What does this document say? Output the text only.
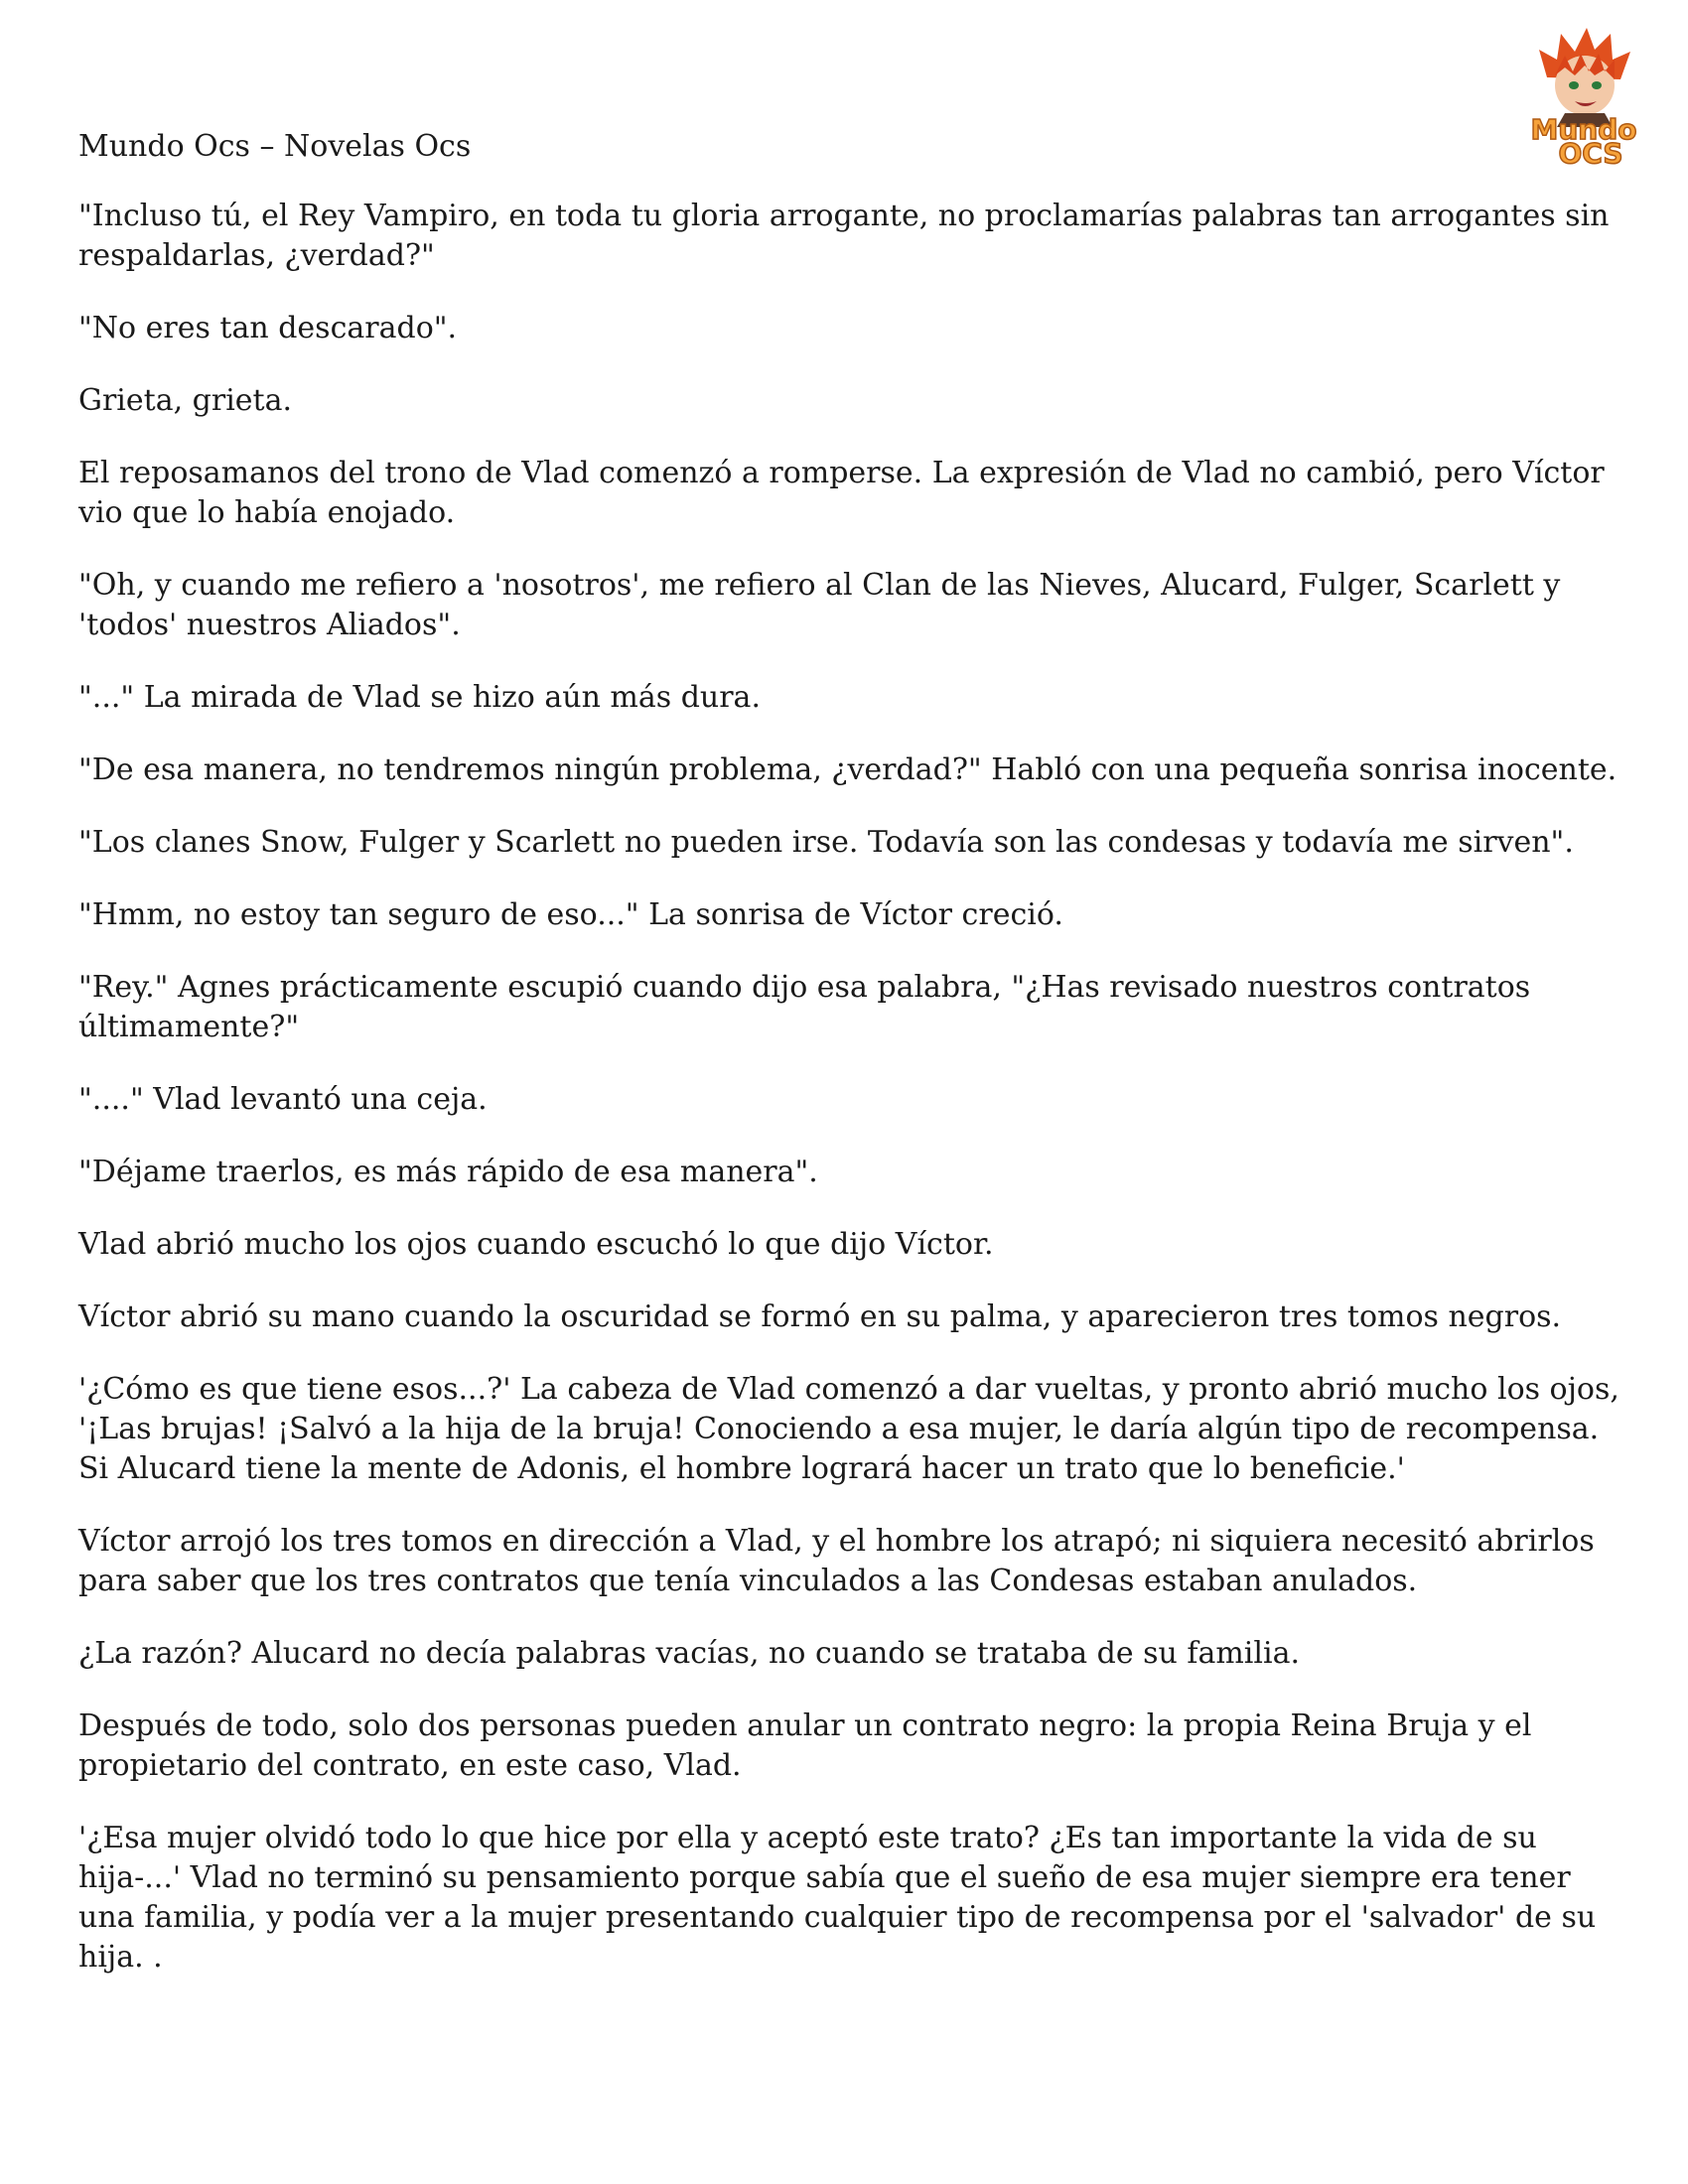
Mundo
OCS
Mundo Ocs – Novelas Ocs

"Incluso tú, el Rey Vampiro, en toda tu gloria arrogante, no proclamarías palabras tan arrogantes sin respaldarlas, ¿verdad?"

"No eres tan descarado".

Grieta, grieta.

El reposamanos del trono de Vlad comenzó a romperse. La expresión de Vlad no cambió, pero Víctor vio que lo había enojado.

"Oh, y cuando me refiero a 'nosotros', me refiero al Clan de las Nieves, Alucard, Fulger, Scarlett y 'todos' nuestros Aliados".

"..." La mirada de Vlad se hizo aún más dura.

"De esa manera, no tendremos ningún problema, ¿verdad?" Habló con una pequeña sonrisa inocente.

"Los clanes Snow, Fulger y Scarlett no pueden irse. Todavía son las condesas y todavía me sirven".

"Hmm, no estoy tan seguro de eso..." La sonrisa de Víctor creció.

"Rey." Agnes prácticamente escupió cuando dijo esa palabra, "¿Has revisado nuestros contratos últimamente?"

"...." Vlad levantó una ceja.

"Déjame traerlos, es más rápido de esa manera".

Vlad abrió mucho los ojos cuando escuchó lo que dijo Víctor.

Víctor abrió su mano cuando la oscuridad se formó en su palma, y aparecieron tres tomos negros.

'¿Cómo es que tiene esos...?' La cabeza de Vlad comenzó a dar vueltas, y pronto abrió mucho los ojos, '¡Las brujas! ¡Salvó a la hija de la bruja! Conociendo a esa mujer, le daría algún tipo de recompensa. Si Alucard tiene la mente de Adonis, el hombre logrará hacer un trato que lo beneficie.'

Víctor arrojó los tres tomos en dirección a Vlad, y el hombre los atrapó; ni siquiera necesitó abrirlos para saber que los tres contratos que tenía vinculados a las Condesas estaban anulados.

¿La razón? Alucard no decía palabras vacías, no cuando se trataba de su familia.

Después de todo, solo dos personas pueden anular un contrato negro: la propia Reina Bruja y el propietario del contrato, en este caso, Vlad.

'¿Esa mujer olvidó todo lo que hice por ella y aceptó este trato? ¿Es tan importante la vida de su hija-...' Vlad no terminó su pensamiento porque sabía que el sueño de esa mujer siempre era tener una familia, y podía ver a la mujer presentando cualquier tipo de recompensa por el 'salvador' de su hija. .
